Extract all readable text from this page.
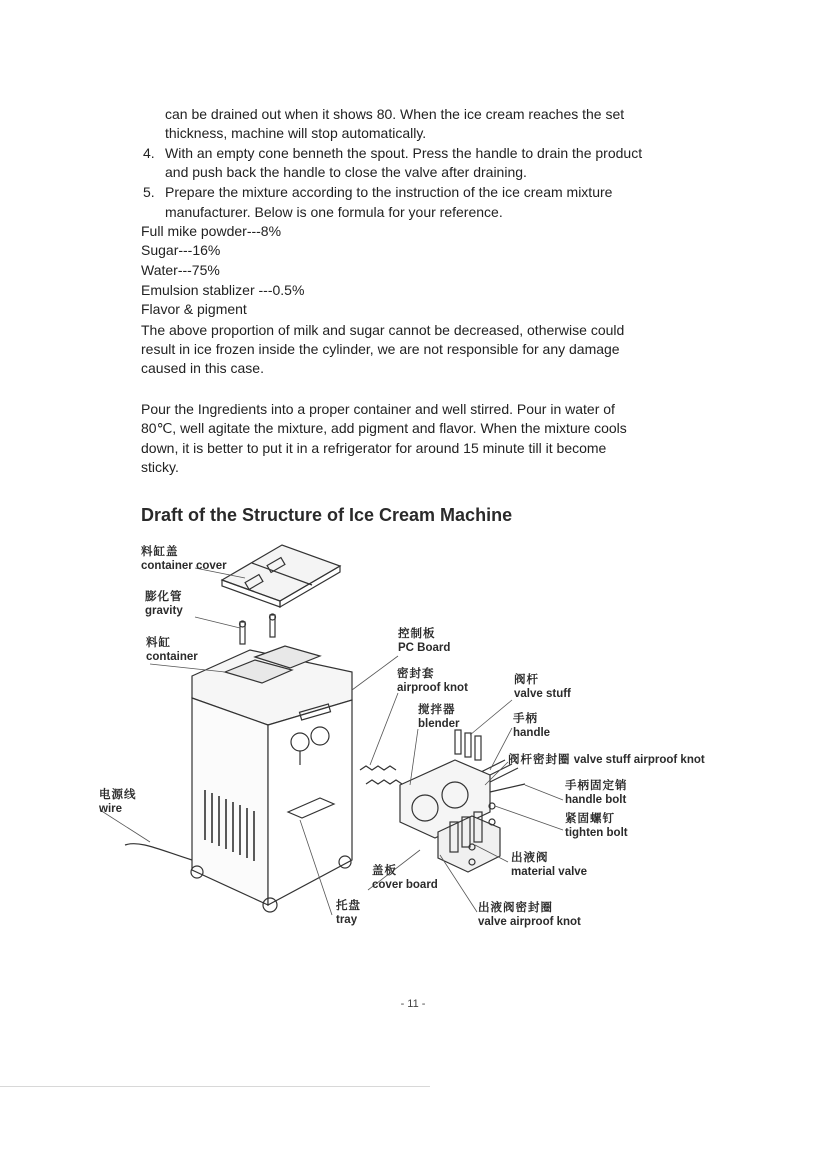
can be drained out when it shows 80. When the ice cream reaches the set
thickness, machine will stop automatically.
4. With an empty cone benneth the spout. Press the handle to drain the product
and push back the handle to close the valve after draining.
5. Prepare the mixture according to the instruction of the ice cream mixture
manufacturer. Below is one formula for your reference.
Full mike powder---8%
Sugar---16%
Water---75%
Emulsion stablizer ---0.5%
Flavor & pigment
The above proportion of milk and sugar cannot be decreased, otherwise could
result in ice frozen inside the cylinder, we are not responsible for any damage
caused in this case.
Pour the Ingredients into a proper container and well stirred. Pour in water of
80℃, well agitate the mixture, add pigment and flavor. When the mixture cools
down, it is better to put it in a refrigerator for around 15 minute till it become
sticky.
Draft of the Structure of Ice Cream Machine
料缸盖
container cover
膨化管
gravity
料缸
container
控制板
PC Board
密封套
airproof knot
阀杆
valve stuff
搅拌器
blender	手柄
handle
阀杆密封圈 valve stuff airproof knot
手柄固定销
handle bolt
电源线
wire
紧固螺钉
tighten bolt
出液阀
material valve
盖板
cover board
托盘
tray
出液阀密封圈
valve airproof knot
- 11 -
